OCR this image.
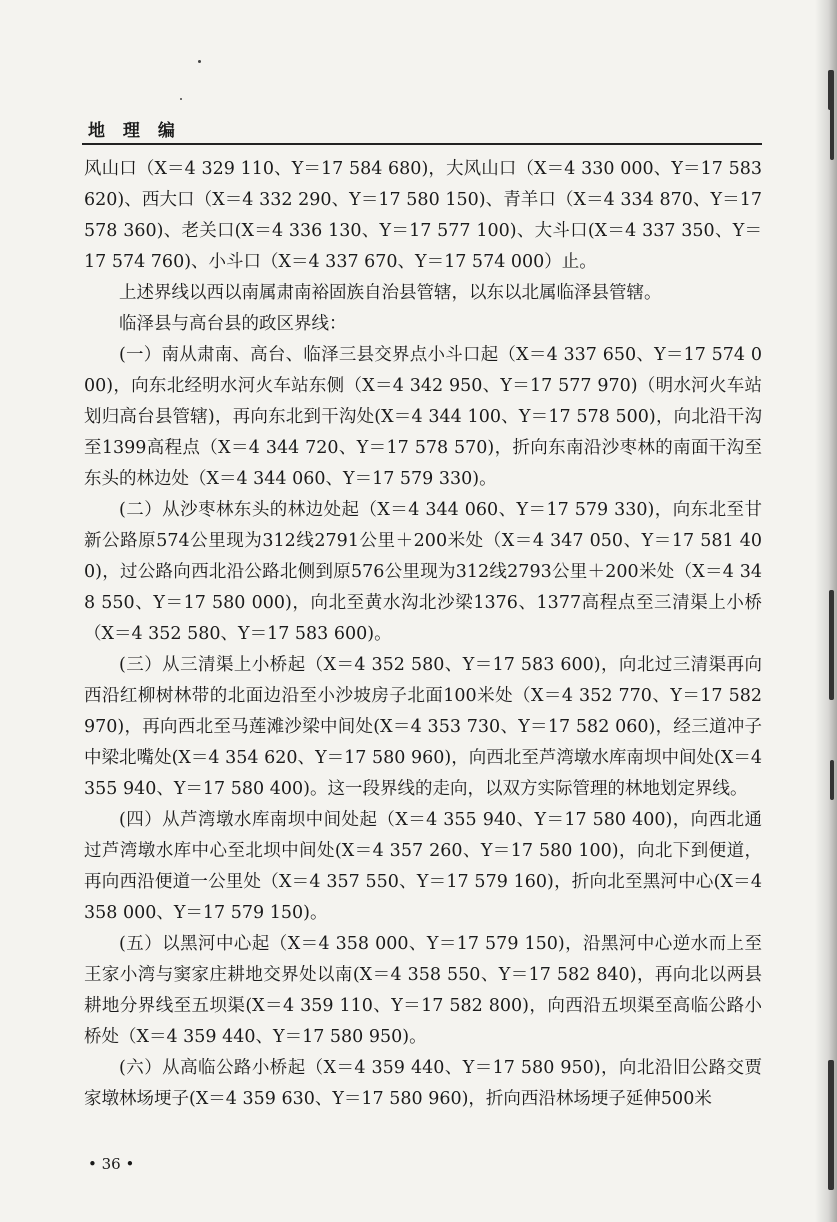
地 理 编

风山口（X＝4 329 110、Y＝17 584 680)，大风山口（X＝4 330 000、Y＝17 583 620)、西大口（X＝4 332 290、Y＝17 580 150)、青羊口（X＝4 334 870、Y＝17 578 360)、老关口(X＝4 336 130、Y＝17 577 100)、大斗口(X＝4 337 350、Y＝17 574 760)、小斗口（X＝4 337 670、Y＝17 574 000）止。

上述界线以西以南属肃南裕固族自治县管辖，以东以北属临泽县管辖。

临泽县与高台县的政区界线：

(一）南从肃南、高台、临泽三县交界点小斗口起（X＝4 337 650、Y＝17 574 000)，向东北经明水河火车站东侧（X＝4 342 950、Y＝17 577 970)（明水河火车站划归高台县管辖)，再向东北到干沟处(X＝4 344 100、Y＝17 578 500)，向北沿干沟至1399高程点（X＝4 344 720、Y＝17 578 570)，折向东南沿沙枣林的南面干沟至东头的林边处（X＝4 344 060、Y＝17 579 330)。

(二）从沙枣林东头的林边处起（X＝4 344 060、Y＝17 579 330)，向东北至甘新公路原574公里现为312线2791公里＋200米处（X＝4 347 050、Y＝17 581 400)，过公路向西北沿公路北侧到原576公里现为312线2793公里＋200米处（X＝4 348 550、Y＝17 580 000)，向北至黄水沟北沙梁1376、1377高程点至三清渠上小桥（X＝4 352 580、Y＝17 583 600)。

(三）从三清渠上小桥起（X＝4 352 580、Y＝17 583 600)，向北过三清渠再向西沿红柳树林带的北面边沿至小沙坡房子北面100米处（X＝4 352 770、Y＝17 582 970)，再向西北至马莲滩沙梁中间处(X＝4 353 730、Y＝17 582 060)，经三道冲子中梁北嘴处(X＝4 354 620、Y＝17 580 960)，向西北至芦湾墩水库南坝中间处(X＝4 355 940、Y＝17 580 400)。这一段界线的走向，以双方实际管理的林地划定界线。

(四）从芦湾墩水库南坝中间处起（X＝4 355 940、Y＝17 580 400)，向西北通过芦湾墩水库中心至北坝中间处(X＝4 357 260、Y＝17 580 100)，向北下到便道，再向西沿便道一公里处（X＝4 357 550、Y＝17 579 160)，折向北至黑河中心(X＝4 358 000、Y＝17 579 150)。

(五）以黑河中心起（X＝4 358 000、Y＝17 579 150)，沿黑河中心逆水而上至王家小湾与窦家庄耕地交界处以南(X＝4 358 550、Y＝17 582 840)，再向北以两县耕地分界线至五坝渠(X＝4 359 110、Y＝17 582 800)，向西沿五坝渠至高临公路小桥处（X＝4 359 440、Y＝17 580 950)。

(六）从高临公路小桥起（X＝4 359 440、Y＝17 580 950)，向北沿旧公路交贾家墩林场埂子(X＝4 359 630、Y＝17 580 960)，折向西沿林场埂子延伸500米

• 36 •
